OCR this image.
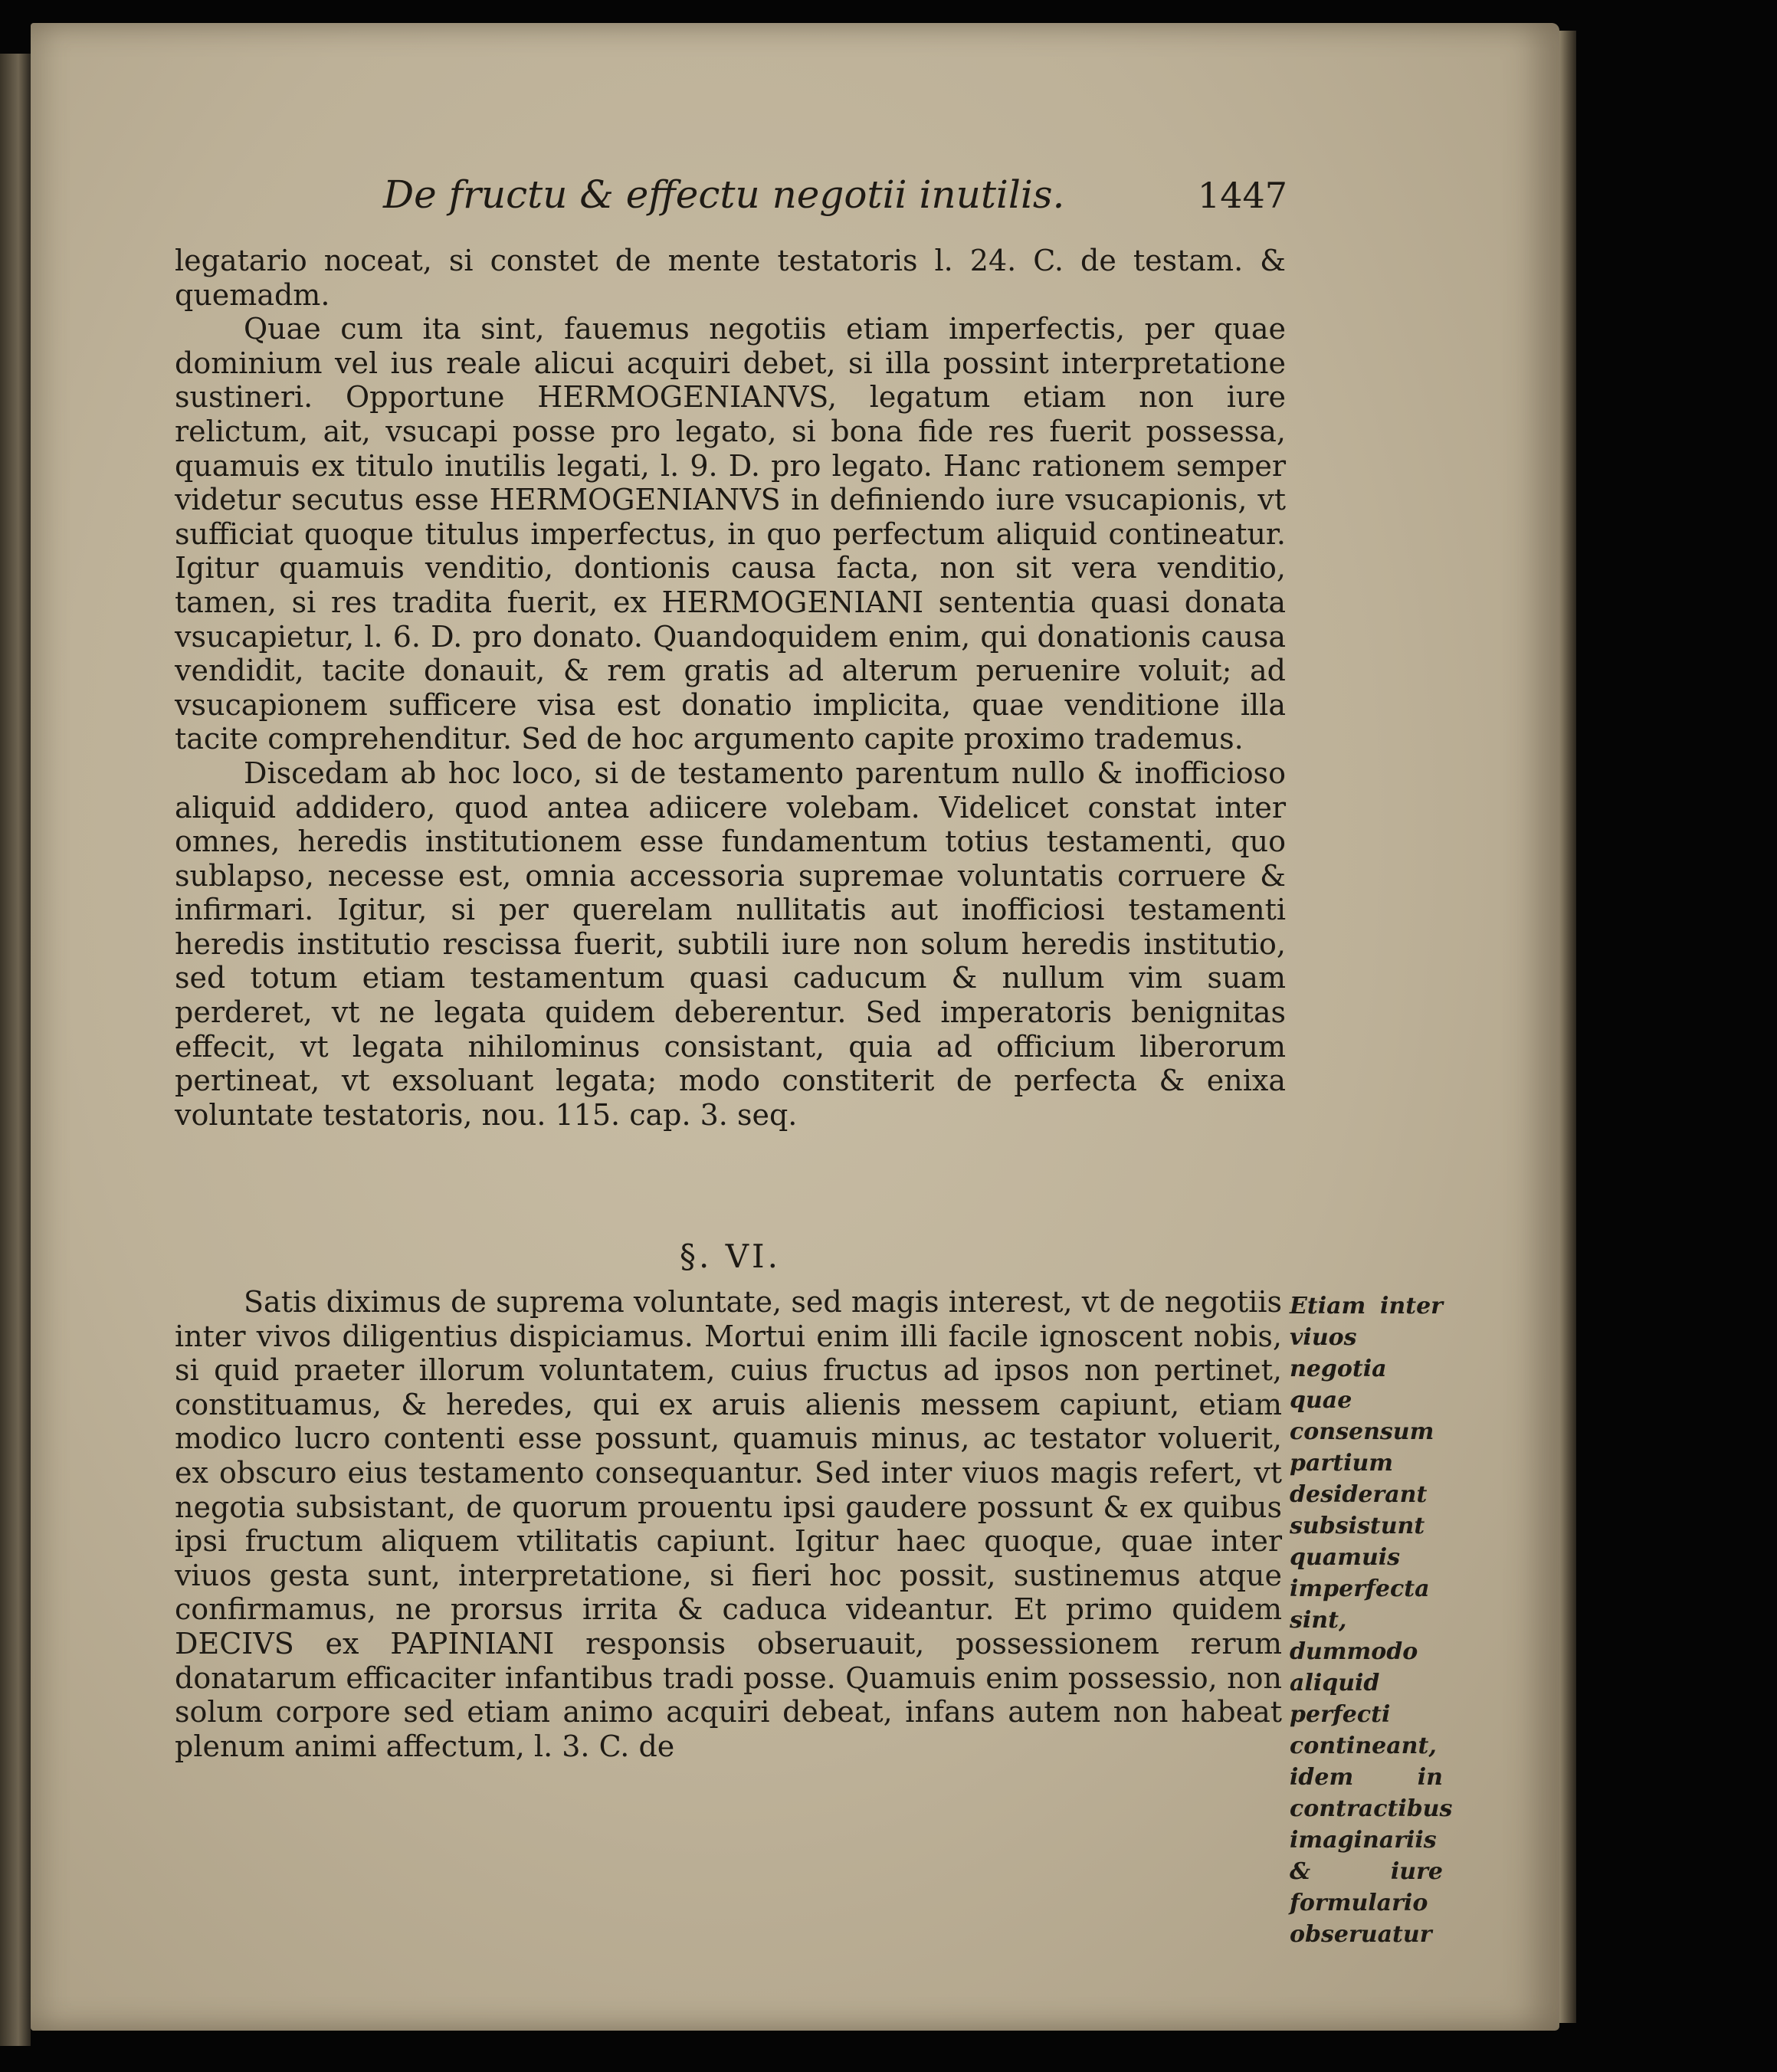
De fructu & effectu negotii inutilis.	1447

legatario noceat, si constet de mente testatoris l. 24. C. de testam. & quemadm.

Quae cum ita sint, fauemus negotiis etiam imperfectis, per quae dominium vel ius reale alicui acquiri debet, si illa possint interpretatione sustineri. Opportune HERMOGENIANVS, legatum etiam non iure relictum, ait, vsucapi posse pro legato, si bona fide res fuerit possessa, quamuis ex titulo inutilis legati, l. 9. D. pro legato. Hanc rationem semper videtur secutus esse HERMOGENIANVS in definiendo iure vsucapionis, vt sufficiat quoque titulus imperfectus, in quo perfectum aliquid contineatur. Igitur quamuis venditio, dontionis causa facta, non sit vera venditio, tamen, si res tradita fuerit, ex HERMOGENIANI sententia quasi donata vsucapietur, l. 6. D. pro donato. Quandoquidem enim, qui donationis causa vendidit, tacite donauit, & rem gratis ad alterum peruenire voluit; ad vsucapionem sufficere visa est donatio implicita, quae venditione illa tacite comprehenditur. Sed de hoc argumento capite proximo trademus.

Discedam ab hoc loco, si de testamento parentum nullo & inofficioso aliquid addidero, quod antea adiicere volebam. Videlicet constat inter omnes, heredis institutionem esse fundamentum totius testamenti, quo sublapso, necesse est, omnia accessoria supremae voluntatis corruere & infirmari. Igitur, si per querelam nullitatis aut inofficiosi testamenti heredis institutio rescissa fuerit, subtili iure non solum heredis institutio, sed totum etiam testamentum quasi caducum & nullum vim suam perderet, vt ne legata quidem deberentur. Sed imperatoris benignitas effecit, vt legata nihilominus consistant, quia ad officium liberorum pertineat, vt exsoluant legata; modo constiterit de perfecta & enixa voluntate testatoris, nou. 115. cap. 3. seq.

§. VI.

Satis diximus de suprema voluntate, sed magis interest, vt de negotiis inter vivos diligentius dispiciamus. Mortui enim illi facile ignoscent nobis, si quid praeter illorum voluntatem, cuius fructus ad ipsos non pertinet, constituamus, & heredes, qui ex aruis alienis messem capiunt, etiam modico lucro contenti esse possunt, quamuis minus, ac testator voluerit, ex obscuro eius testamento consequantur. Sed inter viuos magis refert, vt negotia subsistant, de quorum prouentu ipsi gaudere possunt & ex quibus ipsi fructum aliquem vtilitatis capiunt. Igitur haec quoque, quae inter viuos gesta sunt, interpretatione, si fieri hoc possit, sustinemus atque confirmamus, ne prorsus irrita & caduca videantur. Et primo quidem DECIVS ex PAPINIANI responsis obseruauit, possessionem rerum donatarum efficaciter infantibus tradi posse. Quamuis enim possessio, non solum corpore sed etiam animo acquiri debeat, infans autem non habeat plenum animi affectum, l. 3. C. de

Etiam inter viuos negotia quae consensum partium desiderant subsistunt quamuis imperfecta sint, dummodo aliquid perfecti contineant, idem in contractibus imaginariis & iure formulario obseruatur
